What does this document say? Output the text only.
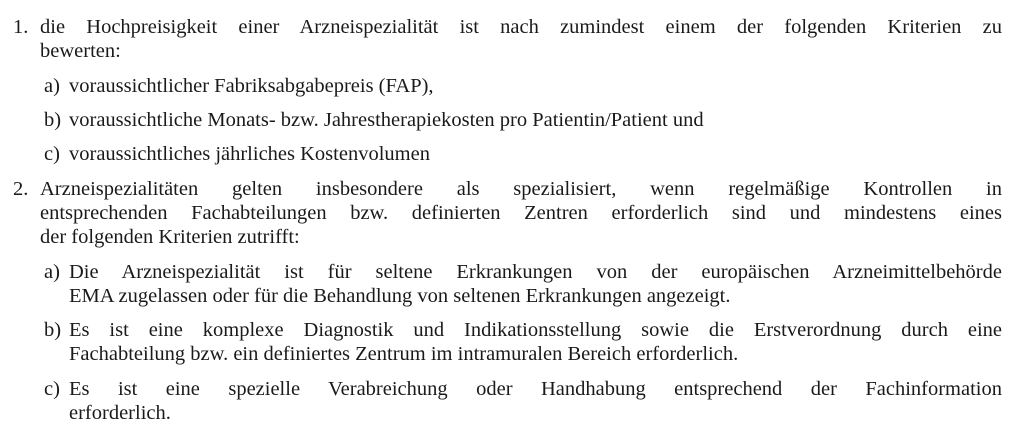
1. die Hochpreisigkeit einer Arzneispezialität ist nach zumindest einem der folgenden Kriterien zu
bewerten:
a) voraussichtlicher Fabriksabgabepreis (FAP),
b) voraussichtliche Monats- bzw. Jahrestherapiekosten pro Patientin/Patient und
c) voraussichtliches jährliches Kostenvolumen
2. Arzneispezialitäten gelten insbesondere als spezialisiert, wenn regelmäßige Kontrollen in
entsprechenden Fachabteilungen bzw. definierten Zentren erforderlich sind und mindestens eines
der folgenden Kriterien zutrifft:
a) Die Arzneispezialität ist für seltene Erkrankungen von der europäischen Arzneimittelbehörde
EMA zugelassen oder für die Behandlung von seltenen Erkrankungen angezeigt.
b) Es ist eine komplexe Diagnostik und Indikationsstellung sowie die Erstverordnung durch eine
Fachabteilung bzw. ein definiertes Zentrum im intramuralen Bereich erforderlich.
c) Es ist eine spezielle Verabreichung oder Handhabung entsprechend der Fachinformation
erforderlich.
